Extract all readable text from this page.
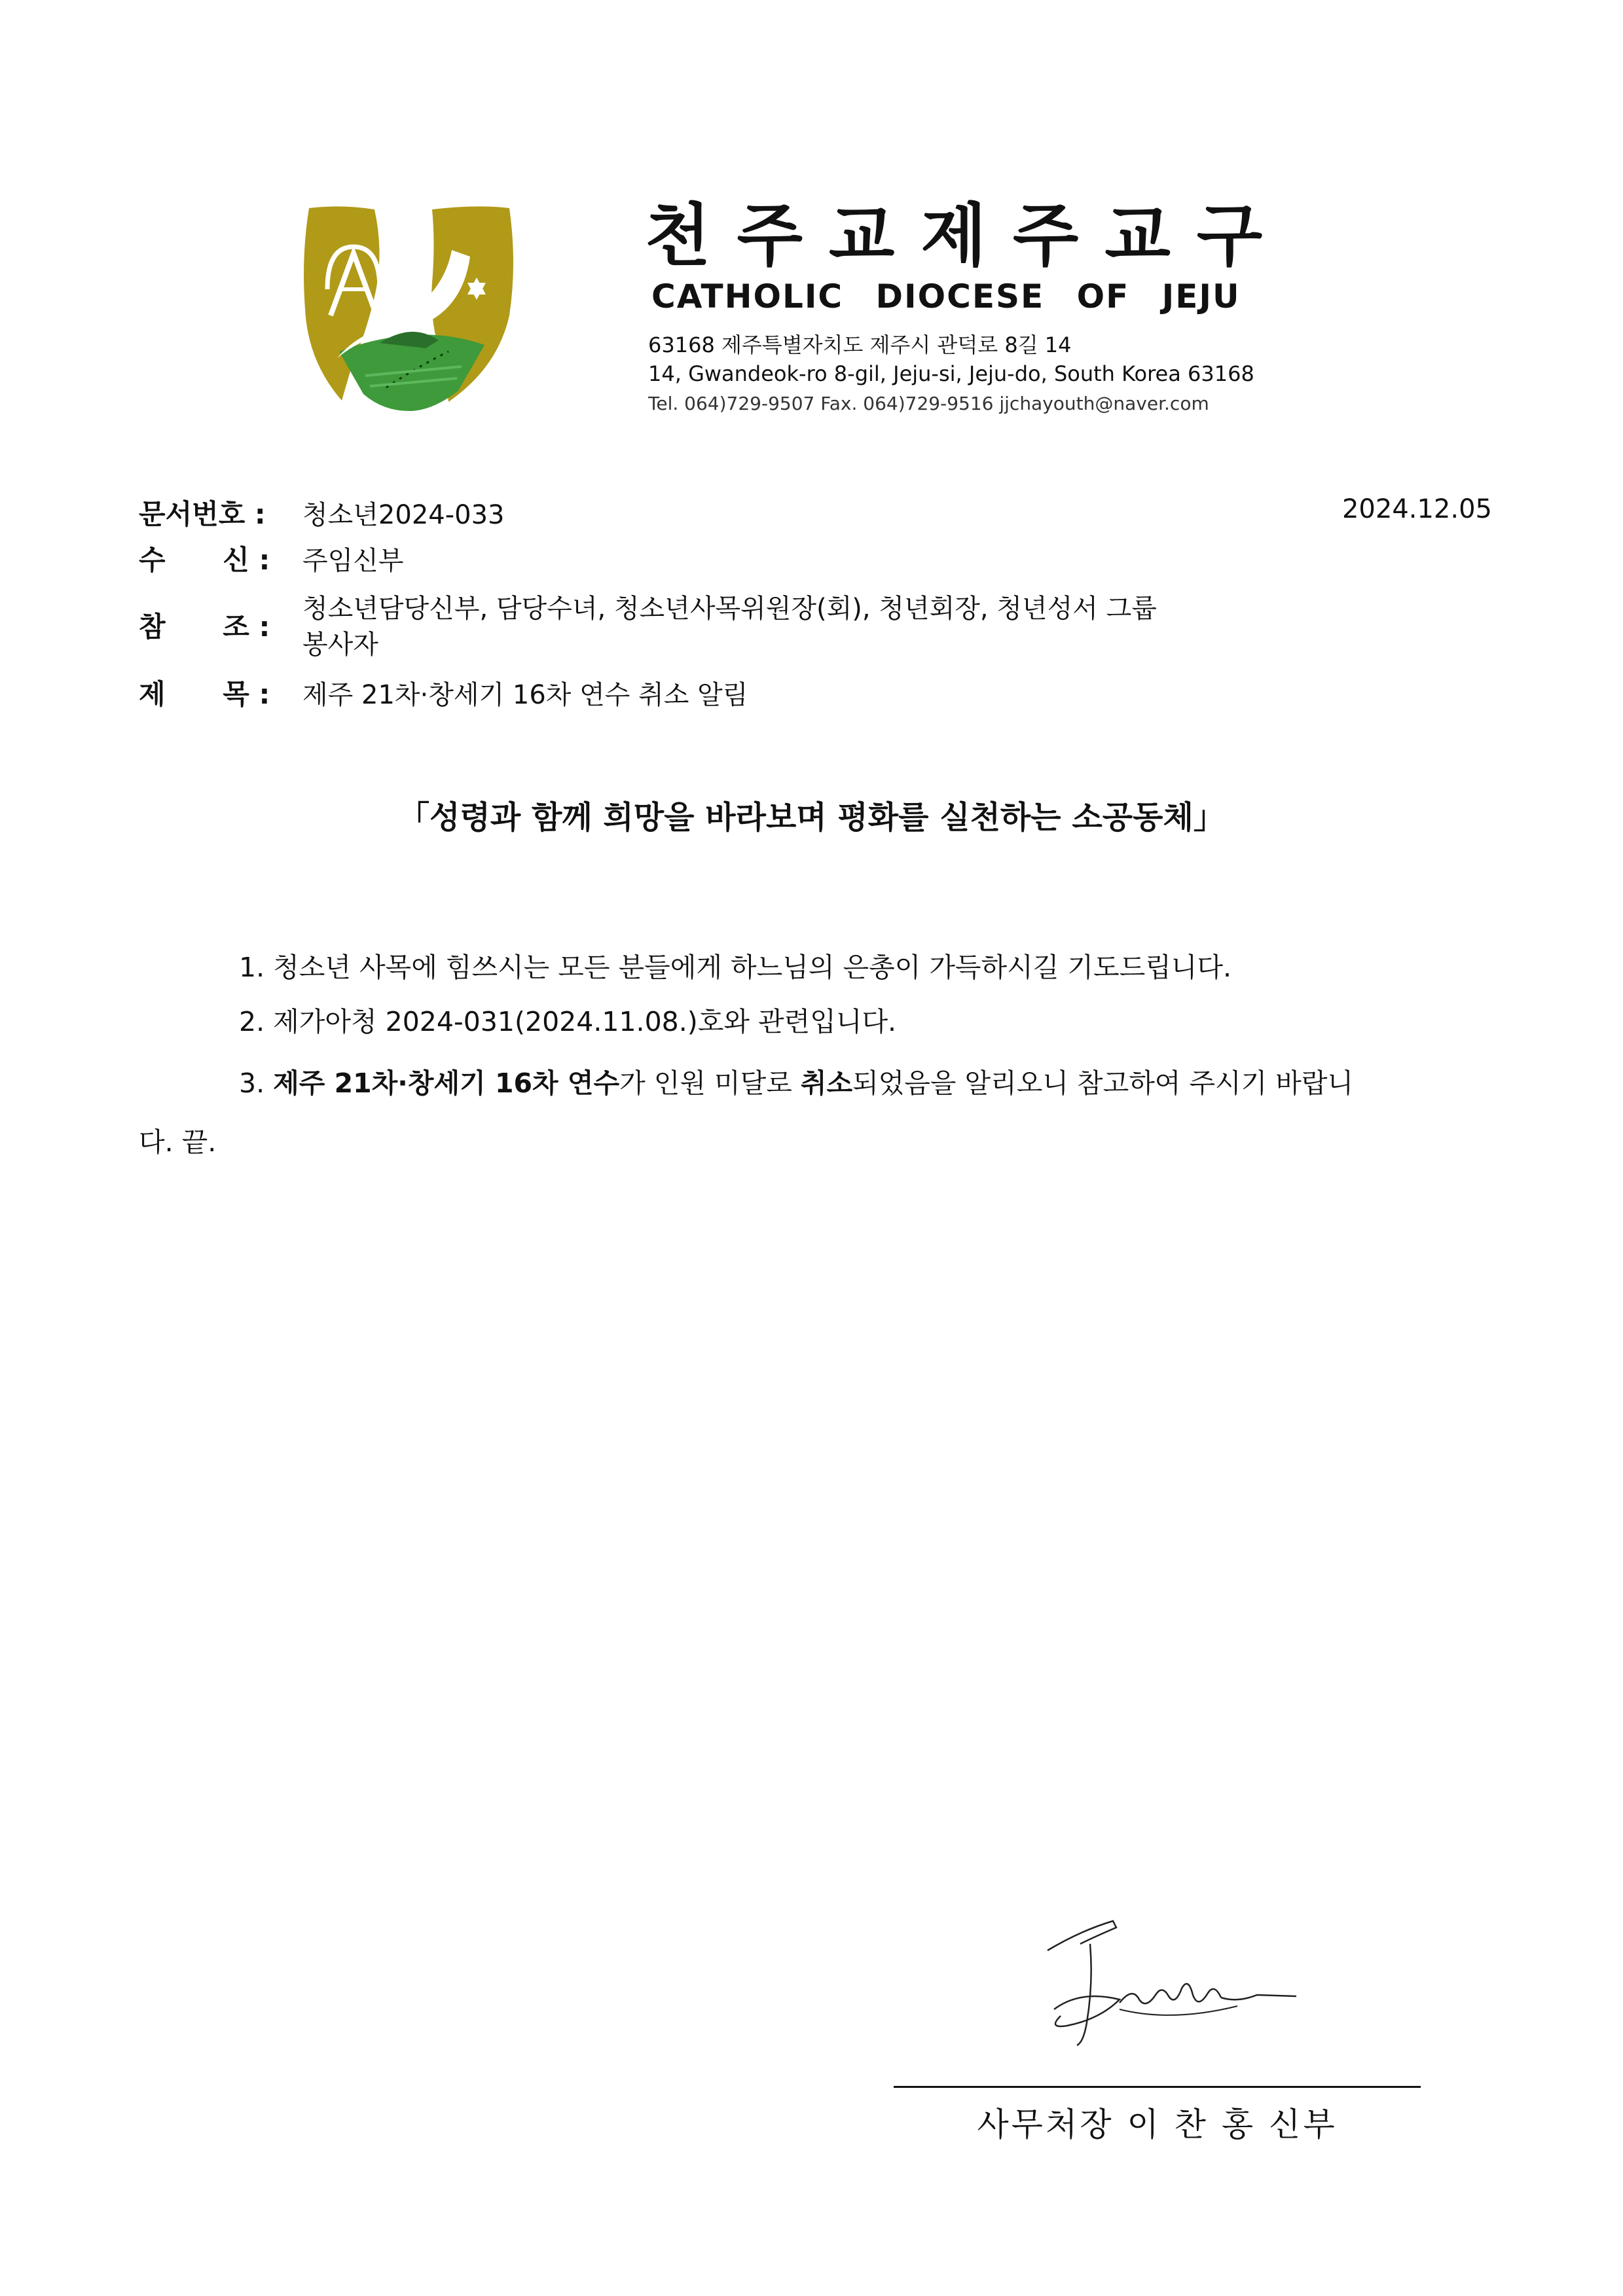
천주교제주교구
CATHOLIC DIOCESE OF JEJU
63168 제주특별자치도 제주시 관덕로 8길 14
14, Gwandeok-ro 8-gil, Jeju-si, Jeju-do, South Korea 63168
Tel. 064)729-9507 Fax. 064)729-9516 jjchayouth@naver.com
문서번호 : 청소년2024-033	2024.12.05
수      신 : 주임신부
참      조 :
청소년담당신부, 담당수녀, 청소년사목위원장(회), 청년회장, 청년성서 그룹
봉사자
제      목 : 제주 21차·창세기 16차 연수 취소 알림
「성령과 함께 희망을 바라보며 평화를 실천하는 소공동체」
1. 청소년 사목에 힘쓰시는 모든 분들에게 하느님의 은총이 가득하시길 기도드립니다.
2. 제가아청 2024-031(2024.11.08.)호와 관련입니다.
3. 제주 21차·창세기 16차 연수가 인원 미달로 취소되었음을 알리오니 참고하여 주시기 바랍니
다. 끝.
사무처장 이 찬 홍 신부
